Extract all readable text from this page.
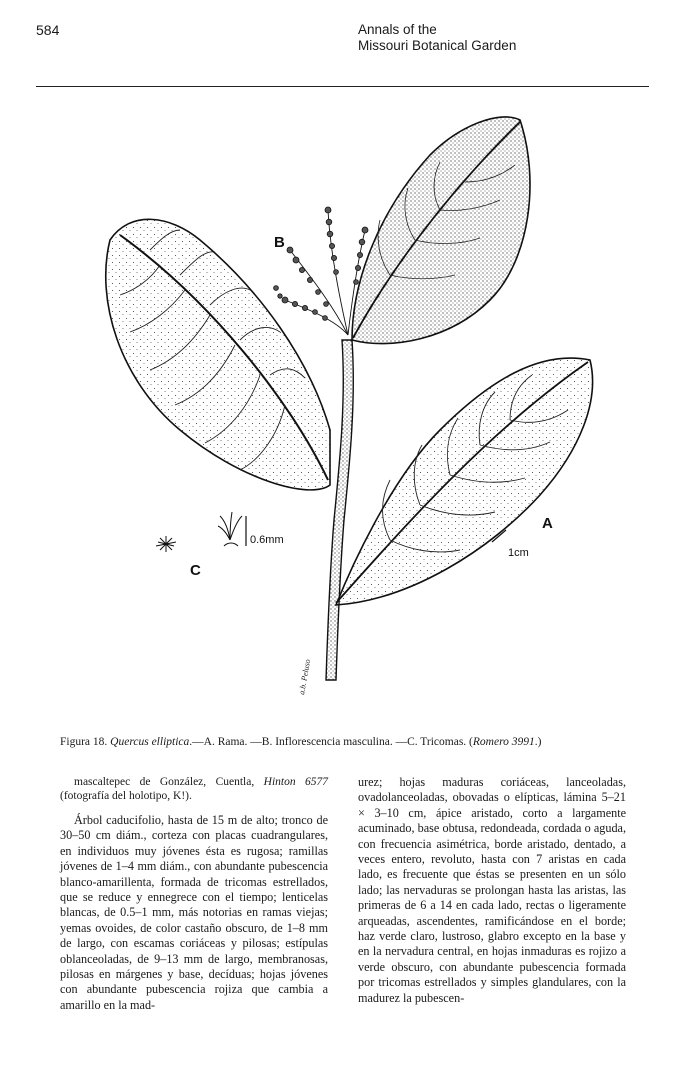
584	Annals of the
Missouri Botanical Garden
A
B
C
1cm
0.6mm
a.b. Peluso
Figura 18. Quercus elliptica.—A. Rama. —B. Inflorescencia masculina. —C. Tricomas. (Romero 3991.)

mascaltepec de González, Cuentla, Hinton 6577 (fotografía del holotipo, K!).

Árbol caducifolio, hasta de 15 m de alto; tronco de 30–50 cm diám., corteza con placas cuadrangulares, en individuos muy jóvenes ésta es rugosa; ramillas jóvenes de 1–4 mm diám., con abundante pubescencia blanco-amarillenta, formada de tricomas estrellados, que se reduce y ennegrece con el tiempo; lenticelas blancas, de 0.5–1 mm, más notorias en ramas viejas; yemas ovoides, de color castaño obscuro, de 1–8 mm de largo, con escamas coriáceas y pilosas; estípulas oblanceoladas, de 9–13 mm de largo, membranosas, pilosas en márgenes y base, decíduas; hojas jóvenes con abundante pubescencia rojiza que cambia a amarillo en la mad-

urez; hojas maduras coriáceas, lanceoladas, ovadolanceoladas, obovadas o elípticas, lámina 5–21 × 3–10 cm, ápice aristado, corto a largamente acuminado, base obtusa, redondeada, cordada o aguda, con frecuencia asimétrica, borde aristado, dentado, a veces entero, revoluto, hasta con 7 aristas en cada lado, es frecuente que éstas se presenten en un sólo lado; las nervaduras se prolongan hasta las aristas, las primeras de 6 a 14 en cada lado, rectas o ligeramente arqueadas, ascendentes, ramificándose en el borde; haz verde claro, lustroso, glabro excepto en la base y en la nervadura central, en hojas inmaduras es rojizo a verde obscuro, con abundante pubescencia formada por tricomas estrellados y simples glandulares, con la madurez la pubescen-
